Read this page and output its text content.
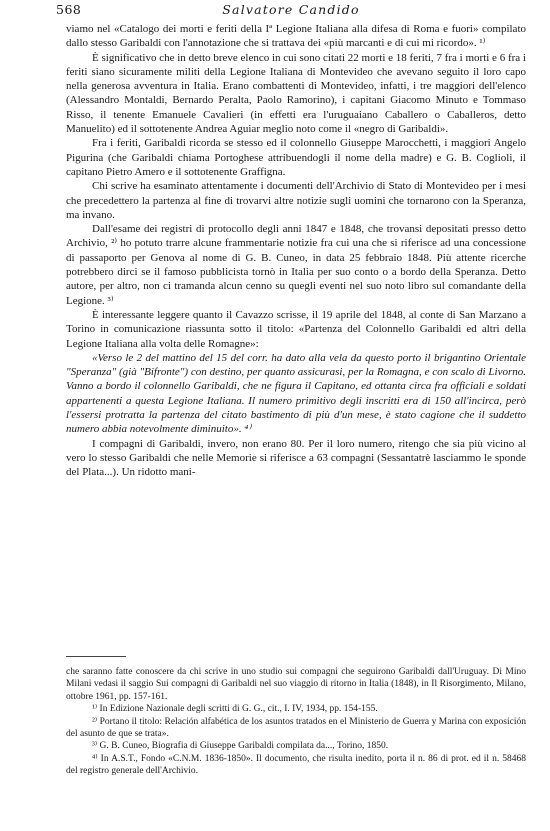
568	Salvatore Candido

viamo nel «Catalogo dei morti e feriti della Iª Legione Italiana alla difesa di Roma e fuori» compilato dallo stesso Garibaldi con l'annotazione che si trattava dei «più marcanti e di cui mi ricordo». ¹⁾

È significativo che in detto breve elenco in cui sono citati 22 morti e 18 feriti, 7 fra i morti e 6 fra i feriti siano sicuramente militi della Legione Italiana di Montevideo che avevano seguito il loro capo nella generosa avventura in Italia. Erano combattenti di Montevideo, infatti, i tre maggiori dell'elenco (Alessandro Montaldi, Bernardo Peralta, Paolo Ramorino), i capitani Giacomo Minuto e Tommaso Risso, il tenente Emanuele Cavalieri (in effetti era l'uruguaiano Caballero o Caballeros, detto Manuelito) ed il sottotenente Andrea Aguiar meglio noto come il «negro di Garibaldi».

Fra i feriti, Garibaldi ricorda se stesso ed il colonnello Giuseppe Marocchetti, i maggiori Angelo Pigurina (che Garibaldi chiama Portoghese attribuendogli il nome della madre) e G. B. Coglioli, il capitano Pietro Amero e il sottotenente Graffigna.

Chi scrive ha esaminato attentamente i documenti dell'Archivio di Stato di Montevideo per i mesi che precedettero la partenza al fine di trovarvi altre notizie sugli uomini che tornarono con la Speranza, ma invano.

Dall'esame dei registri di protocollo degli anni 1847 e 1848, che trovansi depositati presso detto Archivio, ²⁾ ho potuto trarre alcune frammentarie notizie fra cui una che si riferisce ad una concessione di passaporto per Genova al nome di G. B. Cuneo, in data 25 febbraio 1848. Più attente ricerche potrebbero dirci se il famoso pubblicista tornò in Italia per suo conto o a bordo della Speranza. Detto autore, per altro, non ci tramanda alcun cenno su quegli eventi nel suo noto libro sul comandante della Legione. ³⁾

È interessante leggere quanto il Cavazzo scrisse, il 19 aprile del 1848, al conte di San Marzano a Torino in comunicazione riassunta sotto il titolo: «Partenza del Colonnello Garibaldi ed altri della Legione Italiana alla volta delle Romagne»:

«Verso le 2 del mattino del 15 del corr. ha dato alla vela da questo porto il brigantino Orientale "Speranza" (già "Bifronte") con destino, per quanto assicurasi, per la Romagna, e con scalo di Livorno. Vanno a bordo il colonnello Garibaldi, che ne figura il Capitano, ed ottanta circa fra officiali e soldati appartenenti a questa Legione Italiana. Il numero primitivo degli inscritti era di 150 all'incirca, però l'essersi protratta la partenza del citato bastimento di più d'un mese, è stato cagione che il suddetto numero abbia notevolmente diminuito». ⁴⁾

I compagni di Garibaldi, invero, non erano 80. Per il loro numero, ritengo che sia più vicino al vero lo stesso Garibaldi che nelle Memorie si riferisce a 63 compagni (Sessantatrè lasciammo le sponde del Plata...). Un ridotto mani-

che saranno fatte conoscere da chi scrive in uno studio sui compagni che seguirono Garibaldi dall'Uruguay. Di Mino Milani vedasi il saggio Sui compagni di Garibaldi nel suo viaggio di ritorno in Italia (1848), in Il Risorgimento, Milano, ottobre 1961, pp. 157-161.

¹⁾ In Edizione Nazionale degli scritti di G. G., cit., I. IV, 1934, pp. 154-155.

²⁾ Portano il titolo: Relación alfabética de los asuntos tratados en el Ministerio de Guerra y Marina con exposición del asunto de que se trata».

³⁾ G. B. Cuneo, Biografia di Giuseppe Garibaldi compilata da..., Torino, 1850.

⁴⁾ In A.S.T., Fondo «C.N.M. 1836-1850». Il documento, che risulta inedito, porta il n. 86 di prot. ed il n. 58468 del registro generale dell'Archivio.
